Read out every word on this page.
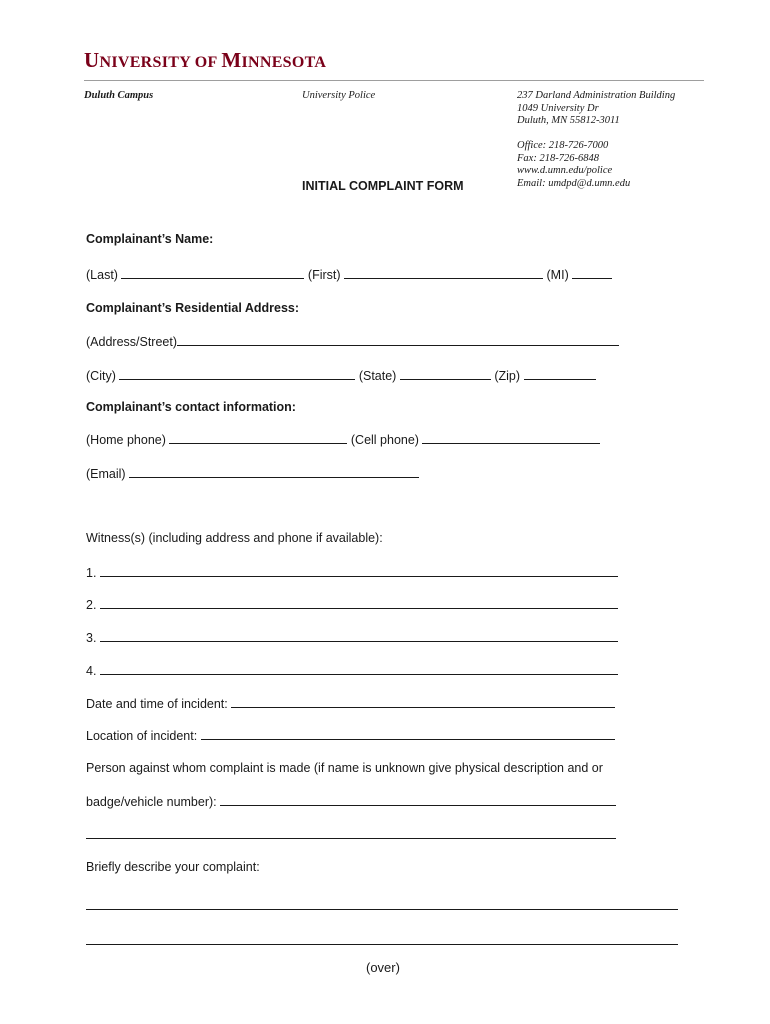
UNIVERSITY OF MINNESOTA
Duluth Campus	University Police	237 Darland Administration Building
1049 University Dr
Duluth, MN 55812-3011
Office: 218-726-7000
Fax: 218-726-6848
www.d.umn.edu/police
Email: umdpd@d.umn.edu
INITIAL COMPLAINT FORM

Complainant’s Name:

(Last)	(First)	(MI)

Complainant’s Residential Address:

(Address/Street)

(City)	(State)	(Zip)

Complainant’s contact information:

(Home phone)	(Cell phone)

(Email)

Witness(s) (including address and phone if available):

1.

2.

3.

4.

Date and time of incident:

Location of incident:

Person against whom complaint is made (if name is unknown give physical description and or

badge/vehicle number):

Briefly describe your complaint:

(over)
